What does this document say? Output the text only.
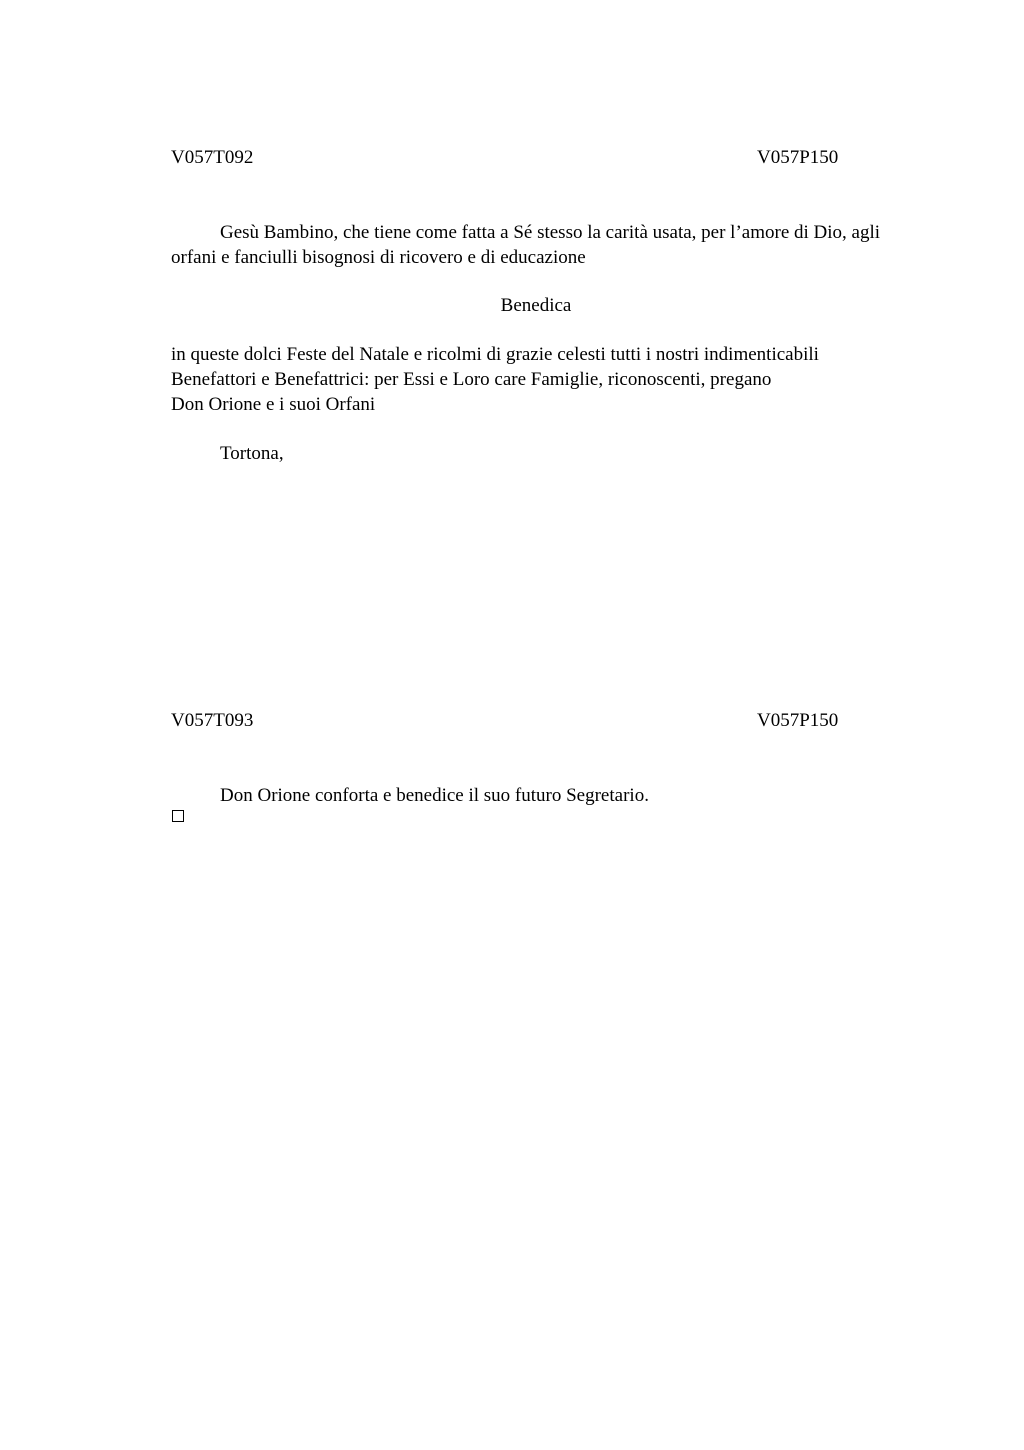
V057T092	V057P150
Gesù Bambino, che tiene come fatta a Sé stesso la carità usata, per l’amore di Dio, agli orfani e fanciulli bisognosi di ricovero e di educazione
Benedica
in queste dolci Feste del Natale e ricolmi di grazie celesti tutti i nostri indimenticabili
Benefattori e Benefattrici: per Essi e Loro care Famiglie, riconoscenti, pregano
Don Orione e i suoi Orfani
Tortona,
V057T093	V057P150
Don Orione conforta e benedice il suo futuro Segretario.
